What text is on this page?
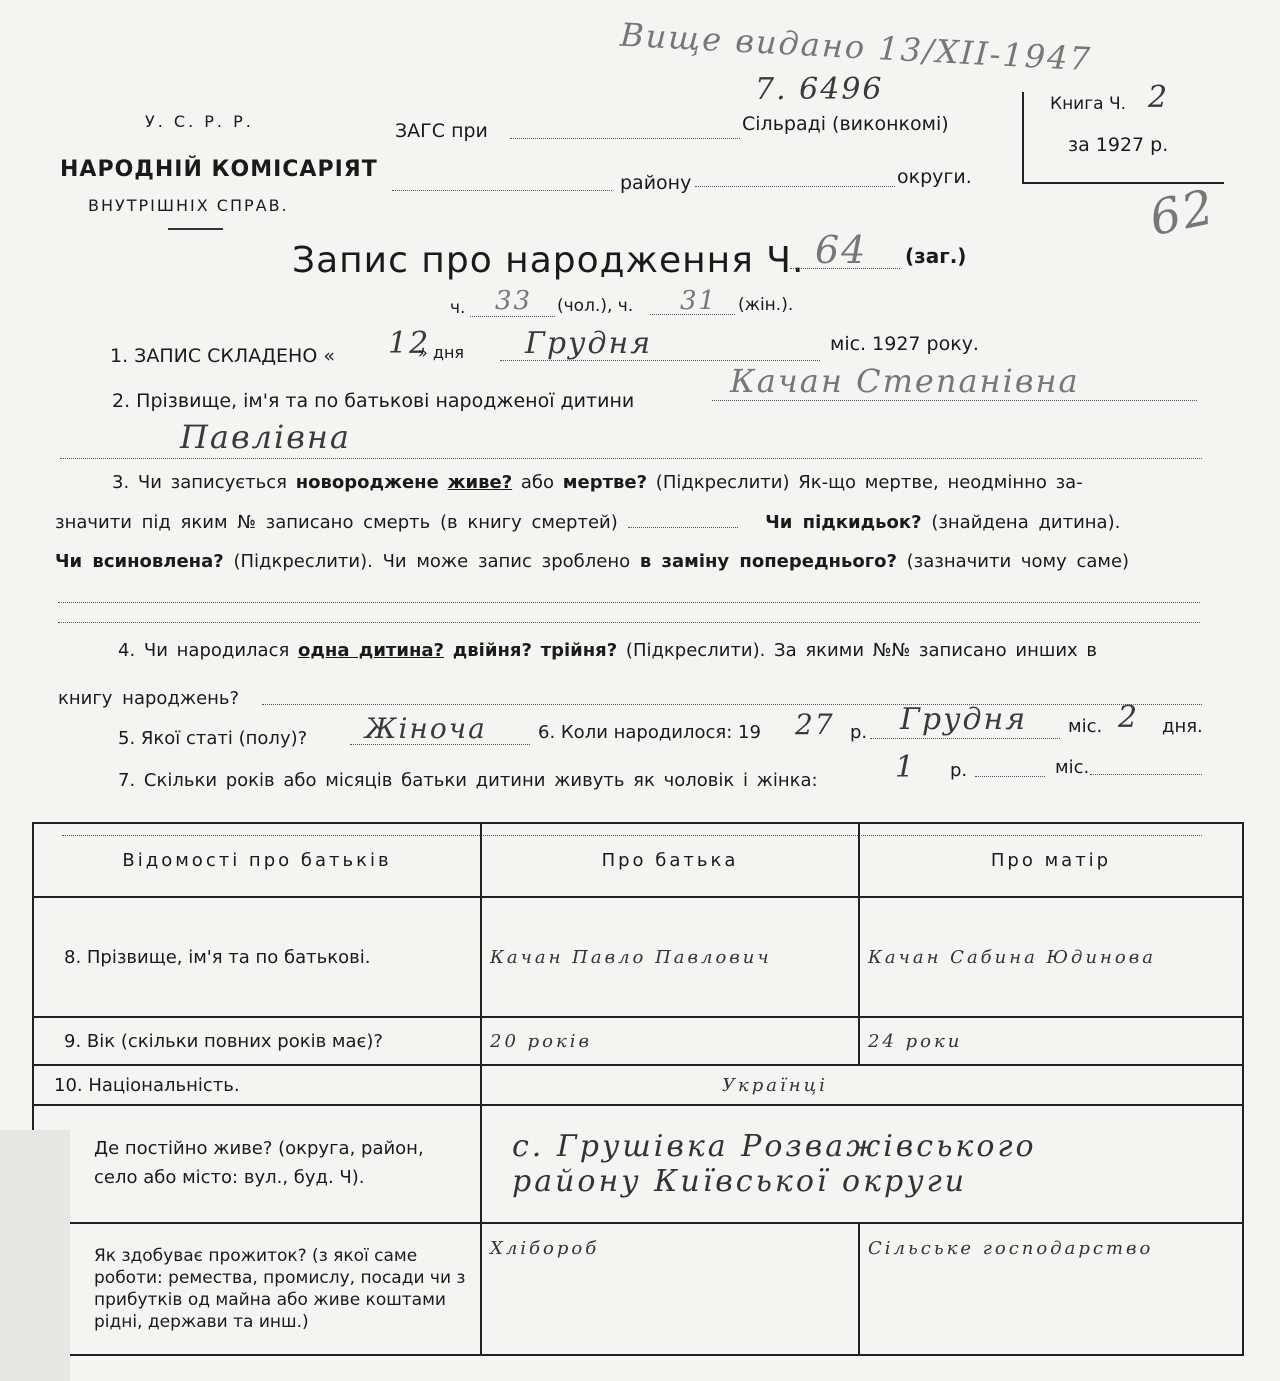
Вище видано 13/XII-1947
7. 6496
62
У. С. Р. Р.
НАРОДНІЙ КОМІСАРІЯТ
ВНУТРІШНІХ СПРАВ.
ЗАГС при	Сільраді (виконкомі)
району	округи.
Книга Ч. 2
за 1927 р.
Запис про народження Ч. 64 (заг.)
ч. 33 (чол.), ч. 31 (жін.).
1. ЗАПИС СКЛАДЕНО « 12
» дня Грудня	міс. 1927 року.
2. Прізвище, ім'я та по батькові народженої дитини
Качан Степанівна
Павлівна
3. Чи записується новороджене живе? або мертве? (Підкреслити) Як-що мертве, неодмінно за-
значити під яким № записано смерть (в книгу смертей)	Чи підкидьок? (знайдена дитина).
Чи всиновлена? (Підкреслити). Чи може запис зроблено в заміну попереднього? (зазначити чому саме)
4. Чи народилася одна дитина? двійня? трійня? (Підкреслити). За якими №№ записано инших в
книгу народжень?
5. Якої статі (полу)? Жіноча	6. Коли народилося: 19 27 р. Грудня міс. 2 дня.
7. Скільки років або місяців батьки дитини живуть як чоловік і жінка:	1 р.	міс.
Відомості про батьків	Про батька	Про матір
8. Прізвище, ім'я та по батькові.	Качан Павло Павлович	Качан Сабина Юдинова
9. Вік (скільки повних років має)?	20 років	24 роки
10. Національність.	Українці	
Де постійно живе? (округа, район, село або місто: вул., буд. Ч).	с. Грушівка Розважівського
району Київської округи	

Як здобуває прожиток? (з якої саме роботи: ремества, промислу, посади чи з прибутків од майна або живе коштами рідні, держави та инш.)	Хлібороб	Сільське господарство
